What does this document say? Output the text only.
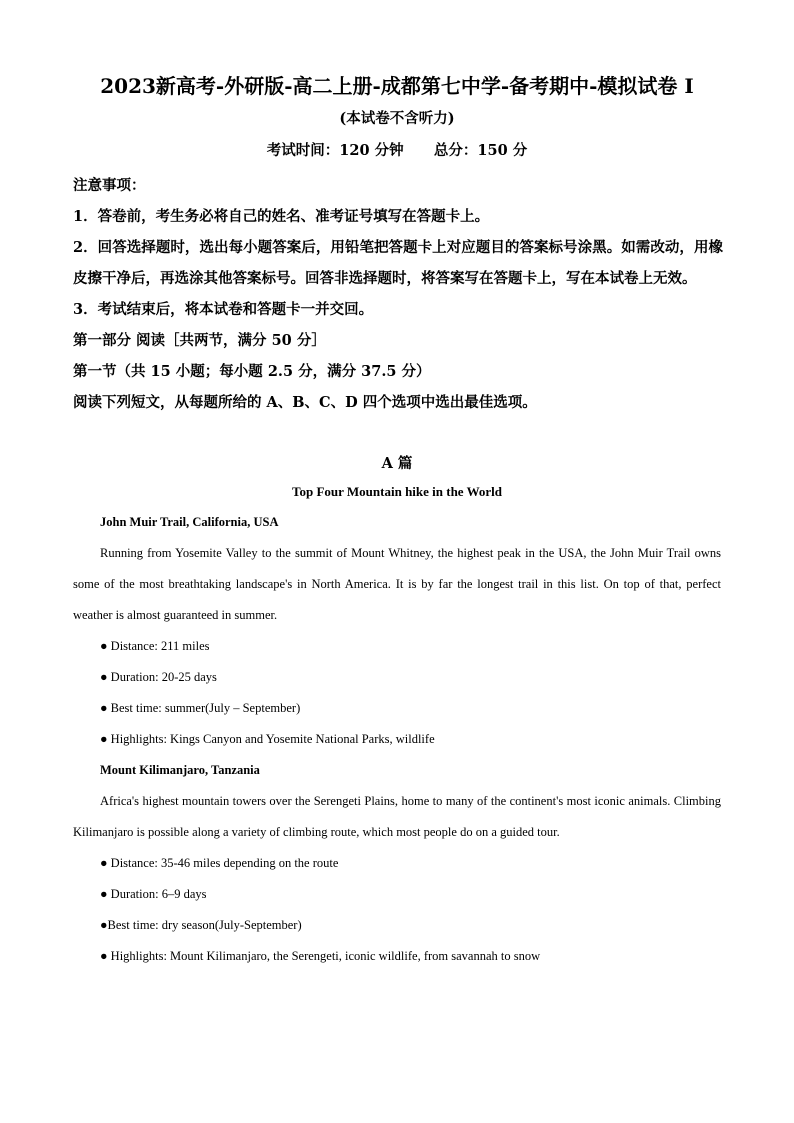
2023新高考-外研版-高二上册-成都第七中学-备考期中-模拟试卷 I
(本试卷不含听力)
考试时间：120 分钟      总分：150 分

注意事项：

1．答卷前，考生务必将自己的姓名、准考证号填写在答题卡上。

2．回答选择题时，选出每小题答案后，用铅笔把答题卡上对应题目的答案标号涂黑。如需改动，用橡皮擦干净后，再选涂其他答案标号。回答非选择题时，将答案写在答题卡上，写在本试卷上无效。

3．考试结束后，将本试卷和答题卡一并交回。

第一部分 阅读［共两节，满分 50 分］

第一节（共 15 小题；每小题 2.5 分，满分 37.5 分）

阅读下列短文，从每题所给的 A、B、C、D 四个选项中选出最佳选项。

A 篇
Top Four Mountain hike in the World

John Muir Trail, California, USA

Running from Yosemite Valley to the summit of Mount Whitney, the highest peak in the USA, the John Muir Trail owns some of the most breathtaking landscape's in North America. It is by far the longest trail in this list. On top of that, perfect weather is almost guaranteed in summer.

● Distance: 211 miles

● Duration: 20-25 days

● Best time: summer(July – September)

● Highlights: Kings Canyon and Yosemite National Parks, wildlife

Mount Kilimanjaro, Tanzania

Africa's highest mountain towers over the Serengeti Plains, home to many of the continent's most iconic animals. Climbing Kilimanjaro is possible along a variety of climbing route, which most people do on a guided tour.

● Distance: 35-46 miles depending on the route

● Duration: 6–9 days

●Best time: dry season(July-September)

● Highlights: Mount Kilimanjaro, the Serengeti, iconic wildlife, from savannah to snow
